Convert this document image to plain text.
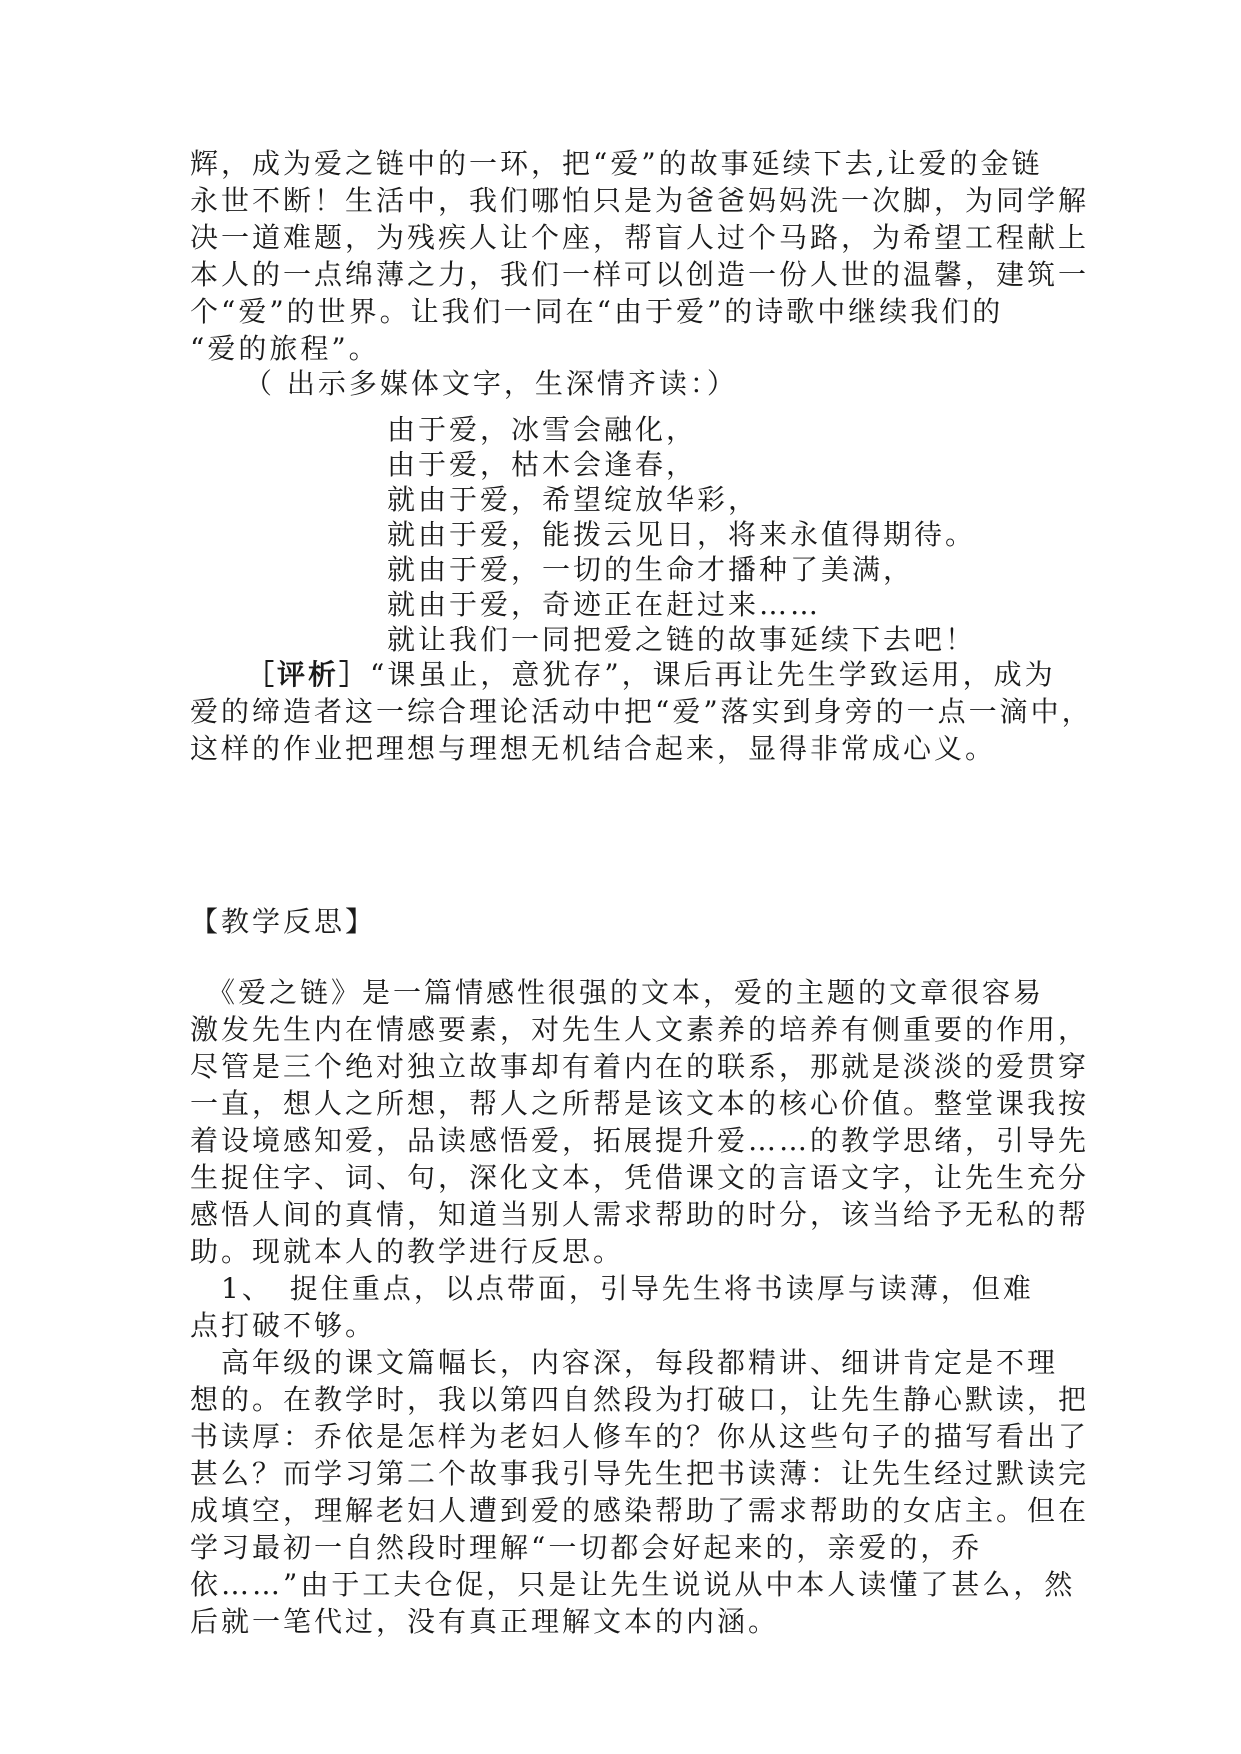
辉，成为爱之链中的一环，把“爱”的故事延续下去,让爱的金链
永世不断！生活中，我们哪怕只是为爸爸妈妈洗一次脚，为同学解
决一道难题，为残疾人让个座，帮盲人过个马路，为希望工程献上
本人的一点绵薄之力，我们一样可以创造一份人世的温馨，建筑一
个“爱”的世界。让我们一同在“由于爱”的诗歌中继续我们的
“爱的旅程”。
（ 出示多媒体文字，生深情齐读：）
由于爱，冰雪会融化，
由于爱，枯木会逢春，
就由于爱，希望绽放华彩，
就由于爱，能拨云见日，将来永值得期待。
就由于爱，一切的生命才播种了美满，
就由于爱，奇迹正在赶过来……
就让我们一同把爱之链的故事延续下去吧！
［评析］“课虽止，意犹存”，课后再让先生学致运用，成为
爱的缔造者这一综合理论活动中把“爱”落实到身旁的一点一滴中，
这样的作业把理想与理想无机结合起来，显得非常成心义。
【教学反思】
　《爱之链》是一篇情感性很强的文本，爱的主题的文章很容易
激发先生内在情感要素，对先生人文素养的培养有侧重要的作用，
尽管是三个绝对独立故事却有着内在的联系，那就是淡淡的爱贯穿
一直，想人之所想，帮人之所帮是该文本的核心价值。整堂课我按
着设境感知爱，品读感悟爱，拓展提升爱……的教学思绪，引导先
生捉住字、词、句，深化文本，凭借课文的言语文字，让先生充分
感悟人间的真情，知道当别人需求帮助的时分，该当给予无私的帮
助。现就本人的教学进行反思。
　1、　捉住重点，以点带面，引导先生将书读厚与读薄，但难
点打破不够。
　高年级的课文篇幅长，内容深，每段都精讲、细讲肯定是不理
想的。在教学时，我以第四自然段为打破口，让先生静心默读，把
书读厚：乔依是怎样为老妇人修车的？你从这些句子的描写看出了
甚么？而学习第二个故事我引导先生把书读薄：让先生经过默读完
成填空，理解老妇人遭到爱的感染帮助了需求帮助的女店主。但在
学习最初一自然段时理解“一切都会好起来的，亲爱的，乔
依……”由于工夫仓促，只是让先生说说从中本人读懂了甚么，然
后就一笔代过，没有真正理解文本的内涵。
